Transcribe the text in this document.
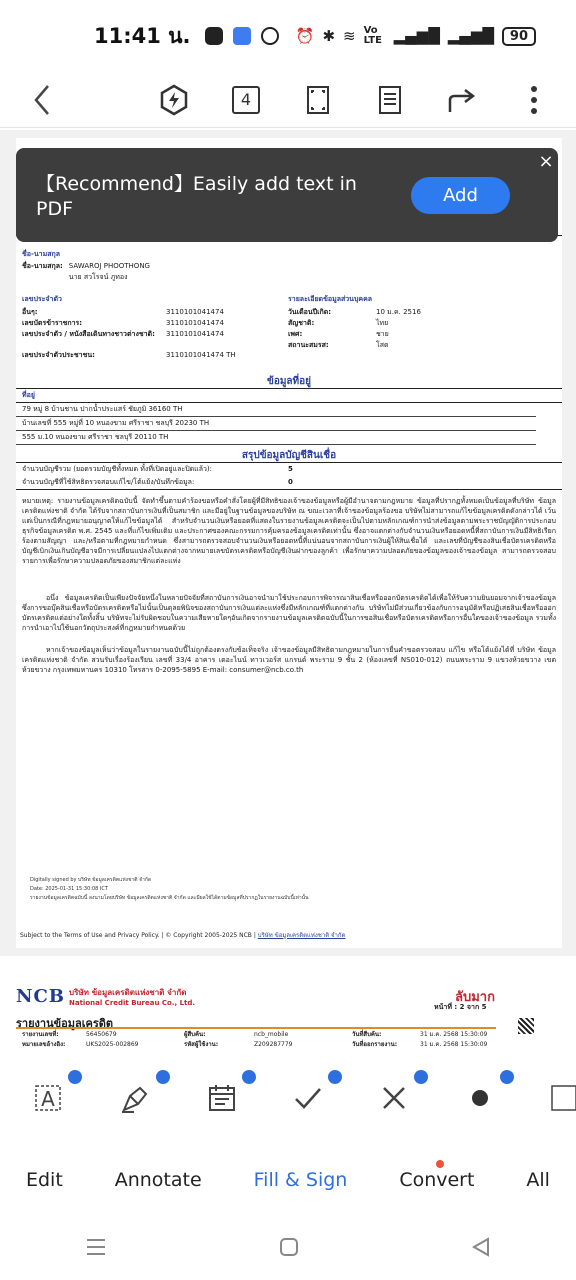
11:41 น.	⏰ ✱ ≋ Vo LTE ▂▄▆█ ▂▄▆█	90
4
ชื่อ-นามสกุล
ชื่อ-นามสกุล: SAWAROJ PHOOTHONG
นาย สวโรจน์ ภูทอง
เลขประจำตัว
อื่นๆ:	3110101041474
เลขบัตรข้าราชการ:	3110101041474
เลขประจำตัว / หนังสือเดินทางชาวต่างชาติ:	3110101041474
เลขประจำตัวประชาชน:	3110101041474 TH
รายละเอียดข้อมูลส่วนบุคคล
วันเดือนปีเกิด:	10 ม.ค. 2516
สัญชาติ:	ไทย
เพศ:	ชาย
สถานะสมรส:	โสด
ข้อมูลที่อยู่
ที่อยู่
79 หมู่ 8 บ้านชาน ปากน้ำประแสร์ ชัยภูมิ 36160 TH
บ้านเลขที่ 555 หมู่ที่ 10 หนองขาม ศรีราชา ชลบุรี 20230 TH
555 ม.10 หนองขาม ศรีราชา ชลบุรี 20110 TH
สรุปข้อมูลบัญชีสินเชื่อ
จำนวนบัญชีรวม (ยอดรวมบัญชีทั้งหมด ทั้งที่เปิดอยู่และปิดแล้ว):	5
จำนวนบัญชีที่ใช้สิทธิตรวจสอบแก้ไข/โต้แย้ง/บันทึกข้อมูล:	0
หมายเหตุ: รายงานข้อมูลเครดิตฉบับนี้ จัดทำขึ้นตามคำร้องขอหรือคำสั่งโดยผู้ที่มีสิทธิของเจ้าของข้อมูลหรือผู้มีอำนาจตามกฎหมาย ข้อมูลที่ปรากฏทั้งหมดเป็นข้อมูลที่บริษัท ข้อมูลเครดิตแห่งชาติ จำกัด ได้รับจากสถาบันการเงินที่เป็นสมาชิก และมีอยู่ในฐานข้อมูลของบริษัท ณ ขณะเวลาที่เจ้าของข้อมูลร้องขอ บริษัทไม่สามารถแก้ไขข้อมูลเครดิตดังกล่าวได้ เว้นแต่เป็นกรณีที่กฎหมายอนุญาตให้แก้ไขข้อมูลได้ สำหรับจำนวนเงินหรือยอดที่แสดงในรายงานข้อมูลเครดิตจะเป็นไปตามหลักเกณฑ์การนำส่งข้อมูลตามพระราชบัญญัติการประกอบธุรกิจข้อมูลเครดิต พ.ศ. 2545 และที่แก้ไขเพิ่มเติม และประกาศของคณะกรรมการคุ้มครองข้อมูลเครดิตเท่านั้น ซึ่งอาจแตกต่างกับจำนวนเงินหรือยอดหนี้ที่สถาบันการเงินมีสิทธิเรียกร้องตามสัญญา และ/หรือตามที่กฎหมายกำหนด ซึ่งสามารถตรวจสอบจำนวนเงินหรือยอดหนี้ที่แน่นอนจากสถาบันการเงินผู้ให้สินเชื่อได้ และเลขที่บัญชีของสินเชื่อบัตรเครดิตหรือบัญชีเบิกเงินเกินบัญชีอาจมีการเปลี่ยนแปลงไปแตกต่างจากหมายเลขบัตรเครดิตหรือบัญชีเงินฝากของลูกค้า เพื่อรักษาความปลอดภัยของข้อมูลของเจ้าของข้อมูล สามารถตรวจสอบรายการเพื่อรักษาความปลอดภัยของสมาชิกแต่ละแห่ง
อนึ่ง ข้อมูลเครดิตเป็นเพียงปัจจัยหนึ่งในหลายปัจจัยที่สถาบันการเงินอาจนำมาใช้ประกอบการพิจารณาสินเชื่อหรือออกบัตรเครดิตได้เพื่อให้รับความยินยอมจากเจ้าของข้อมูล ซึ่งการขอบุ๊คสินเชื่อหรือบัตรเครดิตหรือไม่นั้นเป็นดุลยพินิจของสถาบันการเงินแต่ละแห่งซึ่งมีหลักเกณฑ์ที่แตกต่างกัน บริษัทไม่มีส่วนเกี่ยวข้องกับการอนุมัติหรือปฏิเสธสินเชื่อหรือออกบัตรเครดิตแต่อย่างใดทั้งสิ้น บริษัทจะไม่รับผิดชอบในความเสียหายใดๆอันเกิดจากรายงานข้อมูลเครดิตฉบับนี้ในการขอสินเชื่อหรือบัตรเครดิตหรือการอื่นใดของเจ้าของข้อมูล รวมทั้ง การนำเอาไปใช้นอกวัตถุประสงค์ที่กฎหมายกำหนดด้วย
หากเจ้าของข้อมูลเห็นว่าข้อมูลในรายงานฉบับนี้ไม่ถูกต้องตรงกับข้อเท็จจริง เจ้าของข้อมูลมีสิทธิตามกฎหมายในการยื่นคำขอตรวจสอบ แก้ไข หรือโต้แย้งได้ที่ บริษัท ข้อมูลเครดิตแห่งชาติ จำกัด สวนรับเรื่องร้องเรียน เลขที่ 33/4 อาคาร เดอะไนน์ ทาวเวอร์ส แกรนด์ พระราม 9 ชั้น 2 (ห้องเลขที่ NS010-012) ถนนพระราม 9 แขวงห้วยขวาง เขตห้วยขวาง กรุงเทพมหานคร 10310 โทรสาร 0-2095-5895 E-mail: consumer@ncb.co.th
Digitally signed by บริษัท ข้อมูลเครดิตแห่งชาติ จำกัด
Date: 2025-01-31 15:30:08 ICT
รายงานข้อมูลเครดิตฉบับนี้ ลงนามโดยบริษัท ข้อมูลเครดิตแห่งชาติ จำกัด และมีผลใช้ได้ตามข้อมูลที่ปรากฏในรายงานฉบับนี้เท่านั้น
Subject to the Terms of Use and Privacy Policy. | © Copyright 2005-2025 NCB | บริษัท ข้อมูลเครดิตแห่งชาติ จำกัด
NCB บริษัท ข้อมูลเครดิตแห่งชาติ จำกัด
National Credit Bureau Co., Ltd.	ลับมาก
หน้าที่ : 2 จาก 5
รายงานข้อมูลเครดิต
รายงานเลขที่:	56450679	ผู้สืบค้น:	ncb_mobile	วันที่สืบค้น:	31 ม.ค. 2568 15:30:09
หมายเลขอ้างอิง:	UKS2025-002869	รหัสผู้ใช้งาน:	Z209287779	วันที่ออกรายงาน:	31 ม.ค. 2568 15:30:09
【Recommend】Easily add text in PDF
Add
×
A
Edit	Annotate	Fill & Sign	Convert	All
